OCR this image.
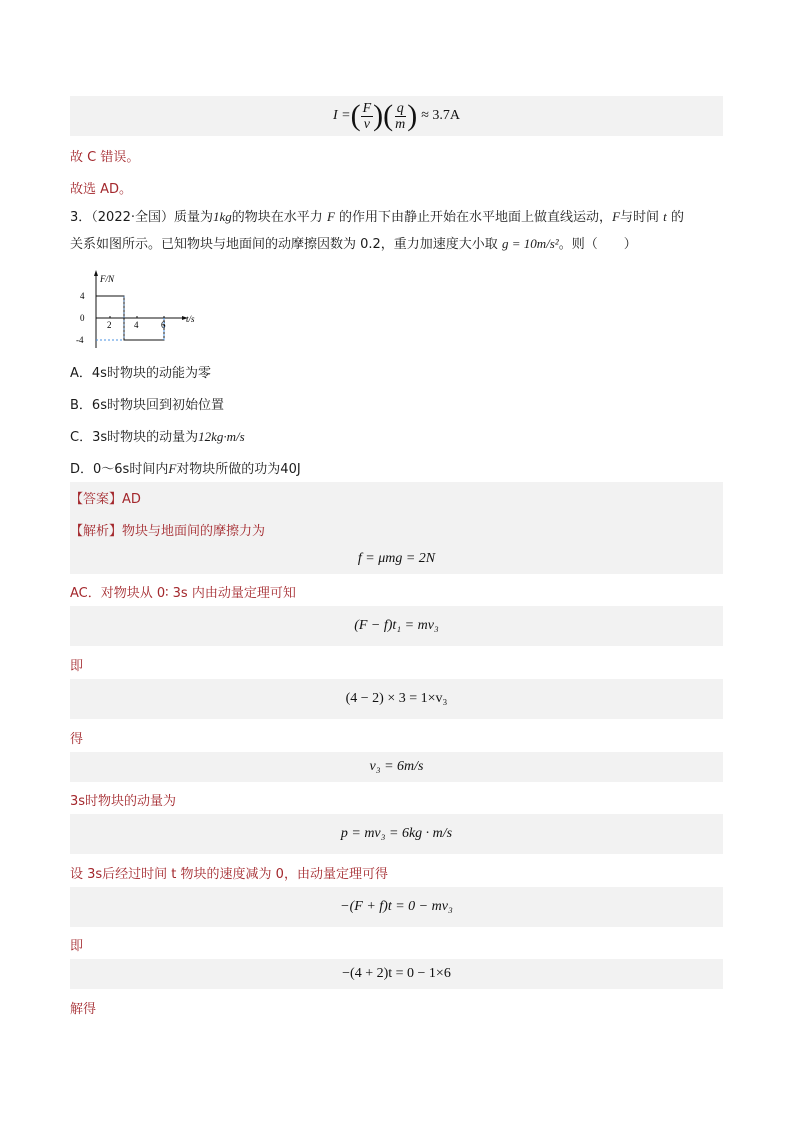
I = ( $\frac{F}{v}$ ) ( $\frac{q}{m}$ ) ≈ 3.7A
故 C 错误。
故选 AD。
3．（2022·全国）质量为1kg的物块在水平力 F 的作用下由静止开始在水平地面上做直线运动，F与时间 t 的
关系如图所示。已知物块与地面间的动摩擦因数为 0.2，重力加速度大小取 g = 10m/s²。则（　　）
F/N
t/s
4
0
-4
2	4	6
A．4s时物块的动能为零
B．6s时物块回到初始位置
C．3s时物块的动量为12kg·m/s
D．0～6s时间内F对物块所做的功为40J
【答案】AD
【解析】物块与地面间的摩擦力为
f = μmg = 2N
AC．对物块从 0∶ 3s 内由动量定理可知
(F − f)t₁ = mv₃
即
(4 − 2) × 3 = 1×v₃
得
v₃ = 6m/s
3s时物块的动量为
p = mv₃ = 6kg · m/s
设 3s后经过时间 t 物块的速度减为 0，由动量定理可得
−(F + f)t = 0 − mv₃
即
−(4 + 2)t = 0 − 1×6
解得
